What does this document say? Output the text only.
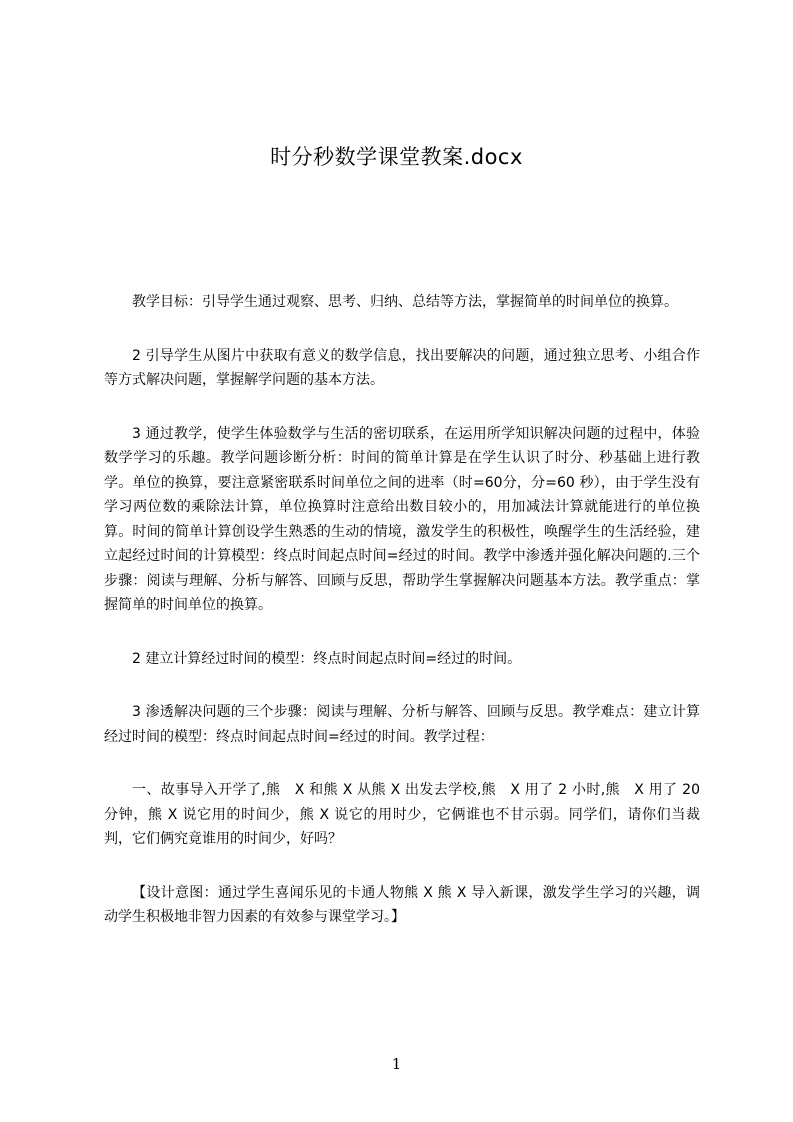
时分秒数学课堂教案.docx

教学目标：引导学生通过观察、思考、归纳、总结等方法，掌握简单的时间单位的换算。

2 引导学生从图片中获取有意义的数学信息，找出要解决的问题，通过独立思考、小组合作等方式解决问题，掌握解学问题的基本方法。

3 通过教学，使学生体验数学与生活的密切联系，在运用所学知识解决问题的过程中，体验数学学习的乐趣。教学问题诊断分析：时间的简单计算是在学生认识了时分、秒基础上进行教学。单位的换算，要注意紧密联系时间单位之间的进率（时=60分，分=60 秒），由于学生没有学习两位数的乘除法计算，单位换算时注意给出数目较小的，用加减法计算就能进行的单位换算。时间的简单计算创设学生熟悉的生动的情境，激发学生的积极性，唤醒学生的生活经验，建立起经过时间的计算模型：终点时间起点时间=经过的时间。教学中渗透并强化解决问题的.三个步骤：阅读与理解、分析与解答、回顾与反思，帮助学生掌握解决问题基本方法。教学重点：掌握简单的时间单位的换算。

2 建立计算经过时间的模型：终点时间起点时间=经过的时间。

3 渗透解决问题的三个步骤：阅读与理解、分析与解答、回顾与反思。教学难点：建立计算经过时间的模型：终点时间起点时间=经过的时间。教学过程：

一、故事导入开学了,熊　X 和熊 X 从熊 X 出发去学校,熊　X 用了 2 小时,熊　X 用了 20 分钟，熊 X 说它用的时间少，熊 X 说它的用时少，它俩谁也不甘示弱。同学们，请你们当裁判，它们俩究竟谁用的时间少，好吗？

【设计意图：通过学生喜闻乐见的卡通人物熊 X 熊 X 导入新课，激发学生学习的兴趣，调动学生积极地非智力因素的有效参与课堂学习。】

1
